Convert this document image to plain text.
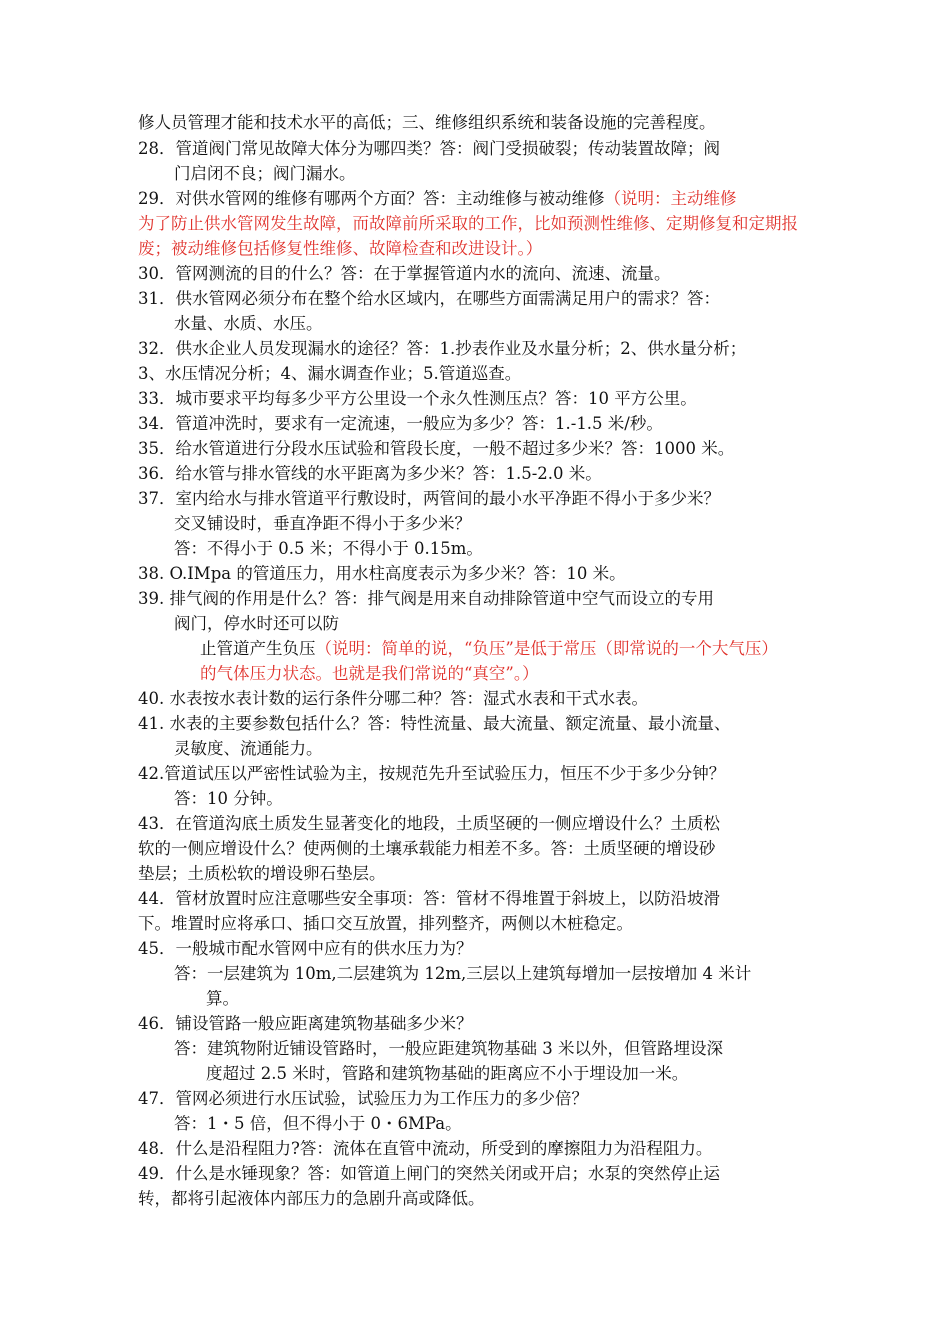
修人员管理才能和技术水平的高低；三、维修组织系统和装备设施的完善程度。
28．管道阀门常见故障大体分为哪四类？答：阀门受损破裂；传动装置故障；阀
门启闭不良；阀门漏水。
29．对供水管网的维修有哪两个方面？答：主动维修与被动维修（说明：主动维修
为了防止供水管网发生故障，而故障前所采取的工作，比如预测性维修、定期修复和定期报
废；被动维修包括修复性维修、故障检查和改进设计。）
30．管网测流的目的什么？答：在于掌握管道内水的流向、流速、流量。
31．供水管网必须分布在整个给水区域内，在哪些方面需满足用户的需求？答：
水量、水质、水压。
32．供水企业人员发现漏水的途径？答：1.抄表作业及水量分析；2、供水量分析；
3、水压情况分析；4、漏水调查作业；5.管道巡查。
33．城市要求平均每多少平方公里设一个永久性测压点？答：10 平方公里。
34．管道冲洗时，要求有一定流速，一般应为多少？答：1.-1.5 米/秒。
35．给水管道进行分段水压试验和管段长度，一般不超过多少米？答：1000 米。
36．给水管与排水管线的水平距离为多少米？答：1.5-2.0 米。
37．室内给水与排水管道平行敷设时，两管间的最小水平净距不得小于多少米？
交叉铺设时，垂直净距不得小于多少米？
答：不得小于 0.5 米；不得小于 0.15m。
38. O.IMpa 的管道压力，用水柱高度表示为多少米？答：10 米。
39. 排气阀的作用是什么？答：排气阀是用来自动排除管道中空气而设立的专用
阀门，停水时还可以防
止管道产生负压（说明：简单的说，“负压”是低于常压（即常说的一个大气压）
的气体压力状态。也就是我们常说的“真空”。）
40. 水表按水表计数的运行条件分哪二种？答：湿式水表和干式水表。
41. 水表的主要参数包括什么？答：特性流量、最大流量、额定流量、最小流量、
灵敏度、流通能力。
42.管道试压以严密性试验为主，按规范先升至试验压力，恒压不少于多少分钟？
答：10 分钟。
43．在管道沟底土质发生显著变化的地段，土质坚硬的一侧应增设什么？土质松
软的一侧应增设什么？使两侧的土壤承载能力相差不多。答：土质坚硬的增设砂
垫层；土质松软的增设卵石垫层。
44．管材放置时应注意哪些安全事项：答：管材不得堆置于斜坡上，以防沿坡滑
下。堆置时应将承口、插口交互放置，排列整齐，两侧以木桩稳定。
45．一般城市配水管网中应有的供水压力为？
答：一层建筑为 10m,二层建筑为 12m,三层以上建筑每增加一层按增加 4 米计
算。
46．铺设管路一般应距离建筑物基础多少米？
答：建筑物附近铺设管路时，一般应距建筑物基础 3 米以外，但管路埋设深
度超过 2.5 米时，管路和建筑物基础的距离应不小于埋设加一米。
47．管网必须进行水压试验，试验压力为工作压力的多少倍？
答：1・5 倍，但不得小于 0・6MPa。
48．什么是沿程阻力?答：流体在直管中流动，所受到的摩擦阻力为沿程阻力。
49．什么是水锤现象？答：如管道上闸门的突然关闭或开启；水泵的突然停止运
转，都将引起液体内部压力的急剧升高或降低。
